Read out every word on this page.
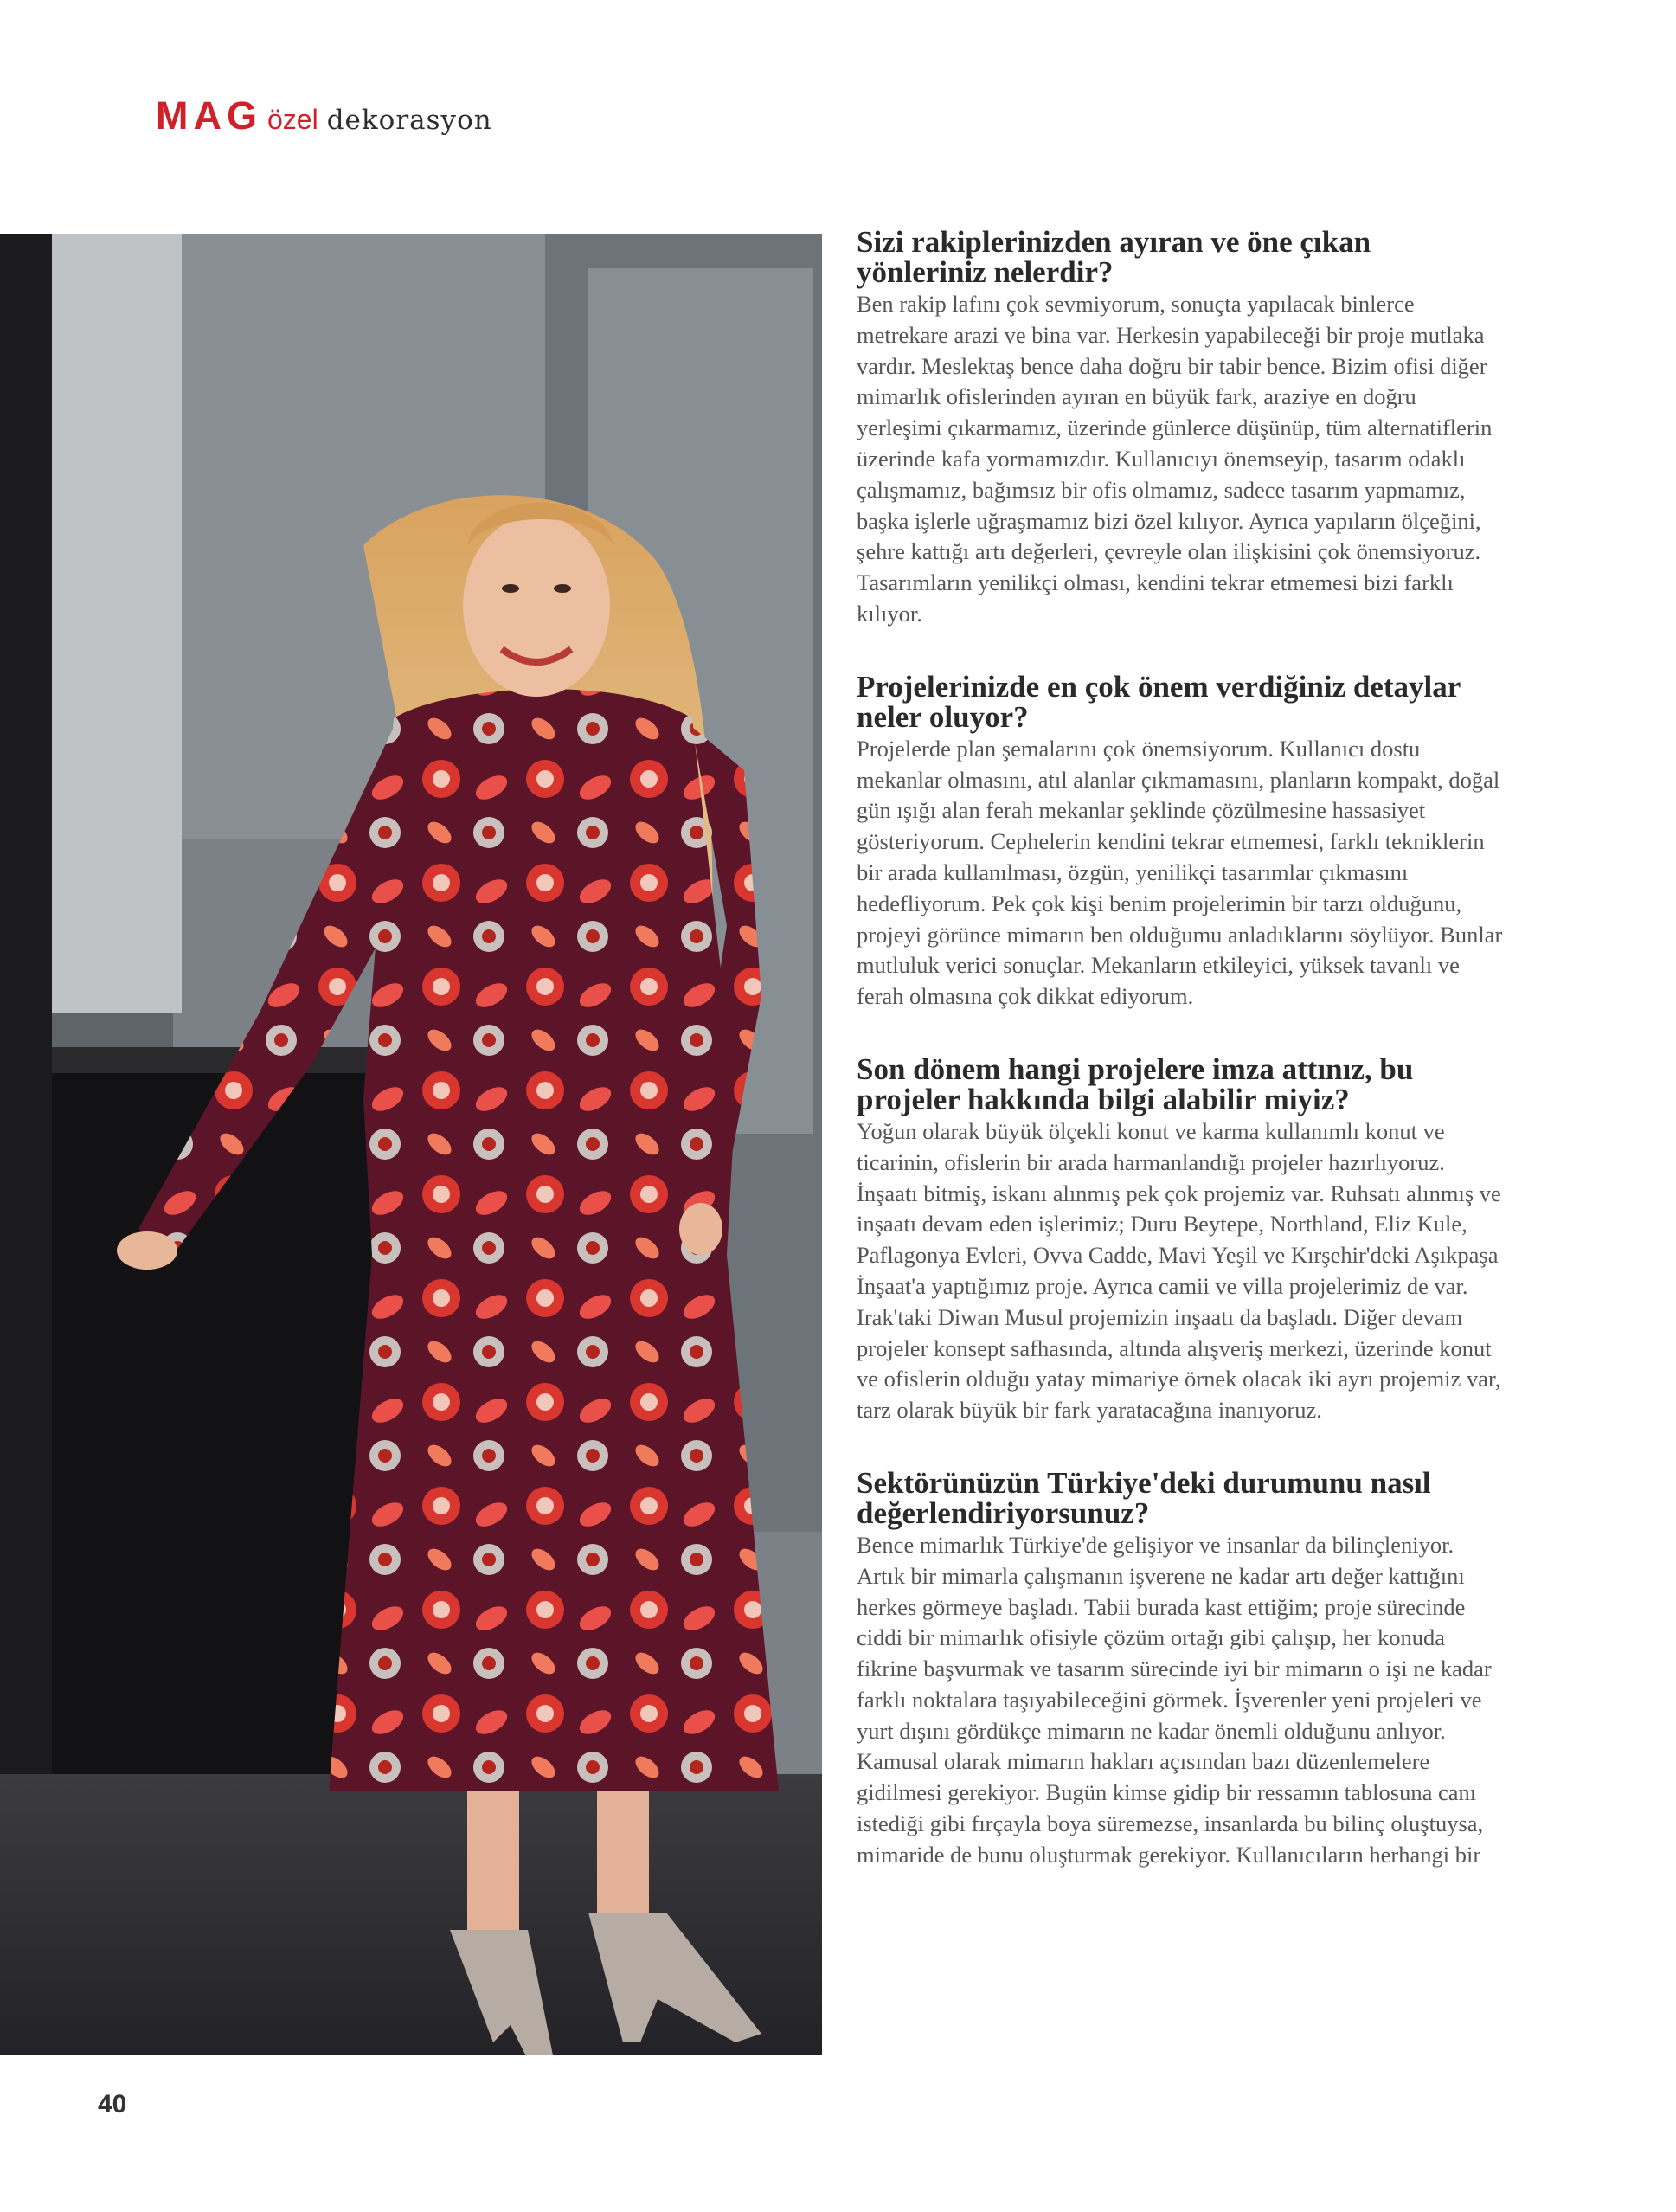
MAG özel dekorasyon
Sizi rakiplerinizden ayıran ve öne çıkan yönleriniz nelerdir?

Ben rakip lafını çok sevmiyorum, sonuçta yapılacak binlerce metrekare arazi ve bina var. Herkesin yapabileceği bir proje mutlaka vardır. Meslektaş bence daha doğru bir tabir bence. Bizim ofisi diğer mimarlık ofislerinden ayıran en büyük fark, araziye en doğru yerleşimi çıkarmamız, üzerinde günlerce düşünüp, tüm alternatiflerin üzerinde kafa yormamızdır. Kullanıcıyı önemseyip, tasarım odaklı çalışmamız, bağımsız bir ofis olmamız, sadece tasarım yapmamız, başka işlerle uğraşmamız bizi özel kılıyor. Ayrıca yapıların ölçeğini, şehre kattığı artı değerleri, çevreyle olan ilişkisini çok önemsiyoruz. Tasarımların yenilikçi olması, kendini tekrar etmemesi bizi farklı kılıyor.

Projelerinizde en çok önem verdiğiniz detaylar neler oluyor?

Projelerde plan şemalarını çok önemsiyorum. Kullanıcı dostu mekanlar olmasını, atıl alanlar çıkmamasını, planların kompakt, doğal gün ışığı alan ferah mekanlar şeklinde çözülmesine hassasiyet gösteriyorum. Cephelerin kendini tekrar etmemesi, farklı tekniklerin bir arada kullanılması, özgün, yenilikçi tasarımlar çıkmasını hedefliyorum. Pek çok kişi benim projelerimin bir tarzı olduğunu, projeyi görünce mimarın ben olduğumu anladıklarını söylüyor. Bunlar mutluluk verici sonuçlar. Mekanların etkileyici, yüksek tavanlı ve ferah olmasına çok dikkat ediyorum.

Son dönem hangi projelere imza attınız, bu projeler hakkında bilgi alabilir miyiz?

Yoğun olarak büyük ölçekli konut ve karma kullanımlı konut ve ticarinin, ofislerin bir arada harmanlandığı projeler hazırlıyoruz. İnşaatı bitmiş, iskanı alınmış pek çok projemiz var. Ruhsatı alınmış ve inşaatı devam eden işlerimiz; Duru Beytepe, Northland, Eliz Kule, Paflagonya Evleri, Ovva Cadde, Mavi Yeşil ve Kırşehir'deki Aşıkpaşa İnşaat'a yaptığımız proje. Ayrıca camii ve villa projelerimiz de var. Irak'taki Diwan Musul projemizin inşaatı da başladı. Diğer devam projeler konsept safhasında, altında alışveriş merkezi, üzerinde konut ve ofislerin olduğu yatay mimariye örnek olacak iki ayrı projemiz var, tarz olarak büyük bir fark yaratacağına inanıyoruz.

Sektörünüzün Türkiye'deki durumunu nasıl değerlendiriyorsunuz?

Bence mimarlık Türkiye'de gelişiyor ve insanlar da bilinçleniyor. Artık bir mimarla çalışmanın işverene ne kadar artı değer kattığını herkes görmeye başladı. Tabii burada kast ettiğim; proje sürecinde ciddi bir mimarlık ofisiyle çözüm ortağı gibi çalışıp, her konuda fikrine başvurmak ve tasarım sürecinde iyi bir mimarın o işi ne kadar farklı noktalara taşıyabileceğini görmek. İşverenler yeni projeleri ve yurt dışını gördükçe mimarın ne kadar önemli olduğunu anlıyor. Kamusal olarak mimarın hakları açısından bazı düzenlemelere gidilmesi gerekiyor. Bugün kimse gidip bir ressamın tablosuna canı istediği gibi fırçayla boya süremezse, insanlarda bu bilinç oluştuysa, mimaride de bunu oluşturmak gerekiyor. Kullanıcıların herhangi bir

40
